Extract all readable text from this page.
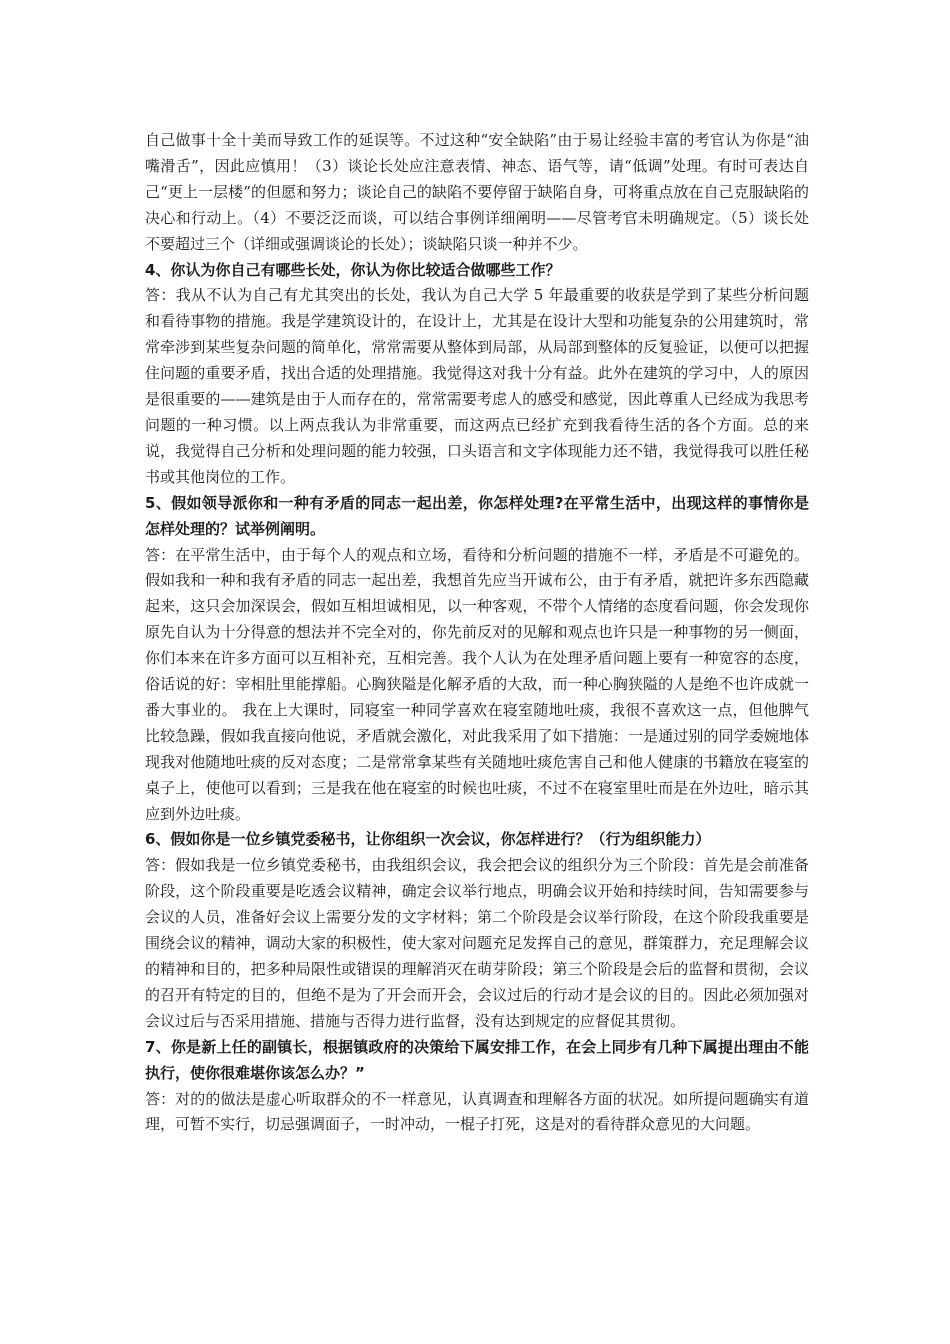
自己做事十全十美而导致工作的延误等。不过这种“安全缺陷”由于易让经验丰富的考官认为你是“油嘴滑舌”，因此应慎用！（3）谈论长处应注意表情、神态、语气等，请“低调”处理。有时可表达自己“更上一层楼”的但愿和努力；谈论自己的缺陷不要停留于缺陷自身，可将重点放在自己克服缺陷的决心和行动上。（4）不要泛泛而谈，可以结合事例详细阐明——尽管考官未明确规定。（5）谈长处不要超过三个（详细或强调谈论的长处）；谈缺陷只谈一种并不少。

4、你认为你自己有哪些长处，你认为你比较适合做哪些工作？

答：我从不认为自己有尤其突出的长处，我认为自己大学 5 年最重要的收获是学到了某些分析问题和看待事物的措施。我是学建筑设计的，在设计上，尤其是在设计大型和功能复杂的公用建筑时，常常牵涉到某些复杂问题的简单化，常常需要从整体到局部，从局部到整体的反复验证，以便可以把握住问题的重要矛盾，找出合适的处理措施。我觉得这对我十分有益。此外在建筑的学习中，人的原因是很重要的——建筑是由于人而存在的，常常需要考虑人的感受和感觉，因此尊重人已经成为我思考问题的一种习惯。以上两点我认为非常重要，而这两点已经扩充到我看待生活的各个方面。总的来说，我觉得自己分析和处理问题的能力较强，口头语言和文字体现能力还不错，我觉得我可以胜任秘书或其他岗位的工作。

5、假如领导派你和一种有矛盾的同志一起出差，你怎样处理?在平常生活中，出现这样的事情你是怎样处理的？试举例阐明。

答：在平常生活中，由于每个人的观点和立场，看待和分析问题的措施不一样，矛盾是不可避免的。假如我和一种和我有矛盾的同志一起出差，我想首先应当开诚布公，由于有矛盾，就把许多东西隐藏起来，这只会加深误会，假如互相坦诚相见，以一种客观，不带个人情绪的态度看问题，你会发现你原先自认为十分得意的想法并不完全对的，你先前反对的见解和观点也许只是一种事物的另一侧面，你们本来在许多方面可以互相补充，互相完善。我个人认为在处理矛盾问题上要有一种宽容的态度，俗话说的好：宰相肚里能撑船。心胸狭隘是化解矛盾的大敌，而一种心胸狭隘的人是绝不也许成就一番大事业的。 我在上大课时，同寝室一种同学喜欢在寝室随地吐痰，我很不喜欢这一点，但他脾气比较急躁，假如我直接向他说，矛盾就会激化，对此我采用了如下措施：一是通过别的同学委婉地体现我对他随地吐痰的反对态度；二是常常拿某些有关随地吐痰危害自己和他人健康的书籍放在寝室的桌子上，使他可以看到；三是我在他在寝室的时候也吐痰，不过不在寝室里吐而是在外边吐，暗示其应到外边吐痰。

6、假如你是一位乡镇党委秘书，让你组织一次会议，你怎样进行？（行为组织能力）

答：假如我是一位乡镇党委秘书，由我组织会议，我会把会议的组织分为三个阶段：首先是会前准备阶段，这个阶段重要是吃透会议精神，确定会议举行地点，明确会议开始和持续时间，告知需要参与会议的人员，准备好会议上需要分发的文字材料；第二个阶段是会议举行阶段，在这个阶段我重要是围绕会议的精神，调动大家的积极性，使大家对问题充足发挥自己的意见，群策群力，充足理解会议的精神和目的，把多种局限性或错误的理解消灭在萌芽阶段；第三个阶段是会后的监督和贯彻，会议的召开有特定的目的，但绝不是为了开会而开会，会议过后的行动才是会议的目的。因此必须加强对会议过后与否采用措施、措施与否得力进行监督，没有达到规定的应督促其贯彻。

7、你是新上任的副镇长，根据镇政府的决策给下属安排工作，在会上同步有几种下属提出理由不能执行，使你很难堪你该怎么办？”

答：对的的做法是虚心听取群众的不一样意见，认真调查和理解各方面的状况。如所提问题确实有道理，可暂不实行，切忌强调面子，一时冲动，一棍子打死，这是对的看待群众意见的大问题。
